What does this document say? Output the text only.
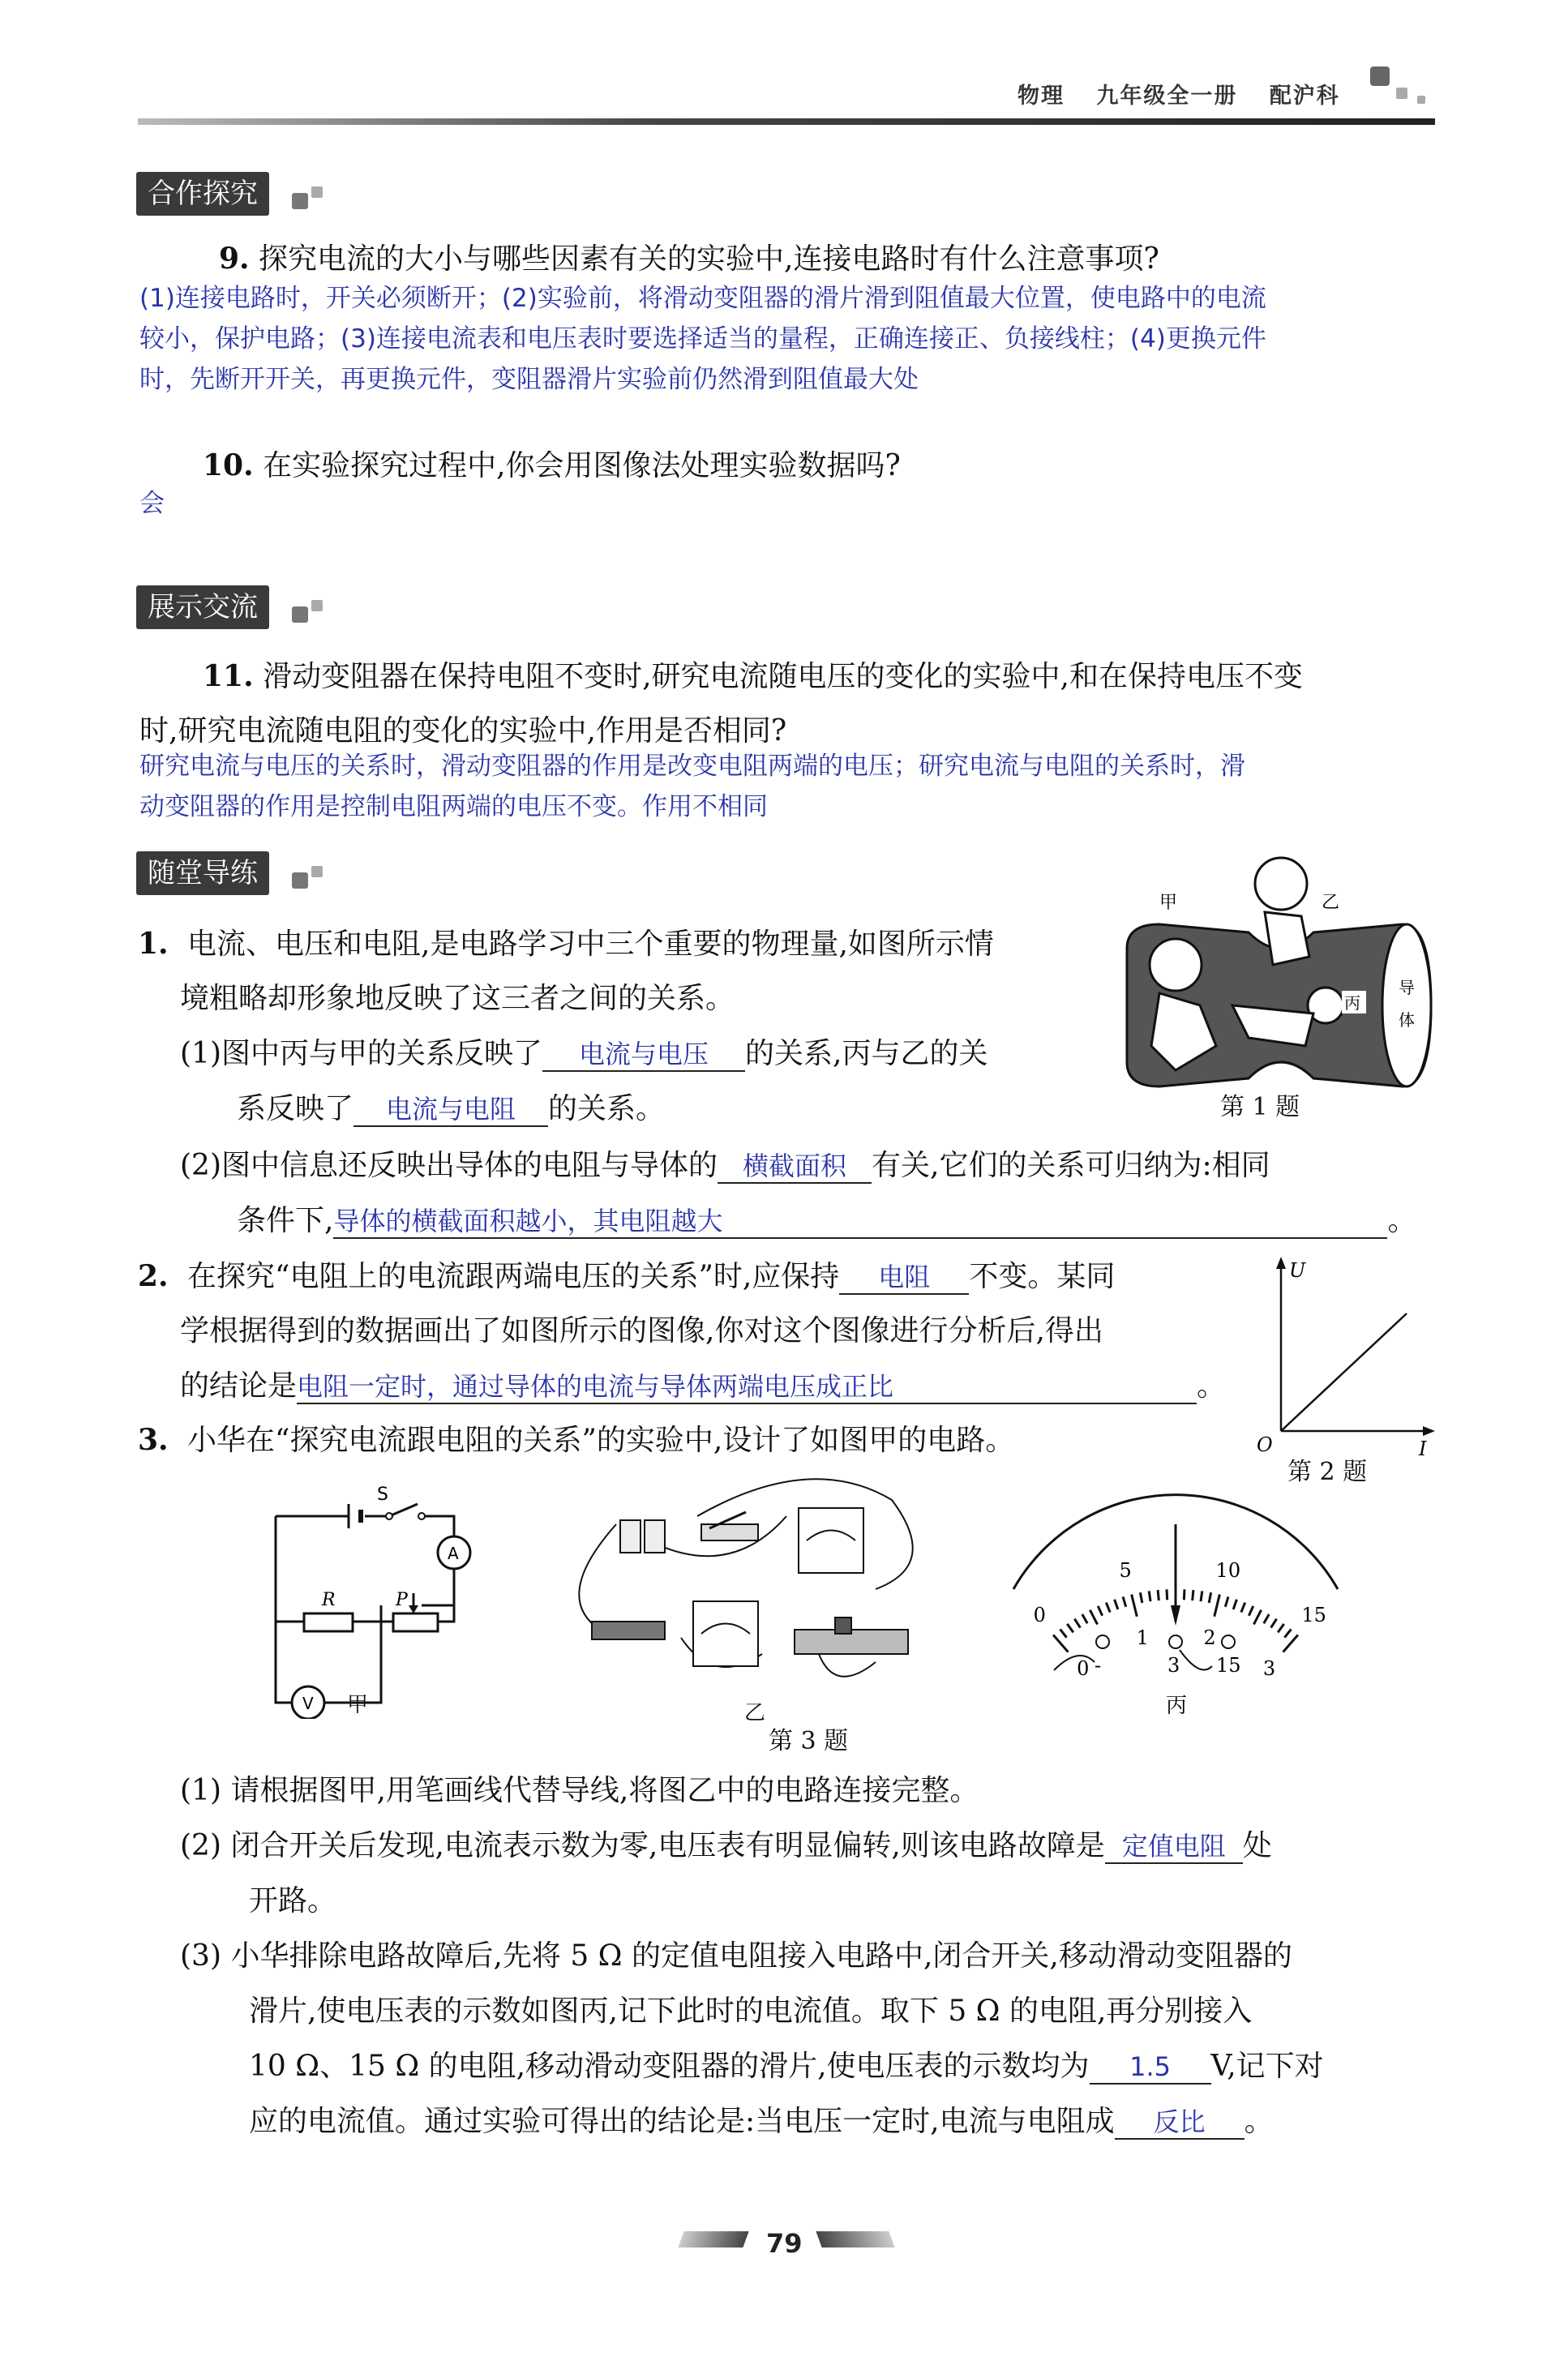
物理 九年级全一册 配沪科
合作探究
9. 探究电流的大小与哪些因素有关的实验中,连接电路时有什么注意事项?
(1)连接电路时，开关必须断开；(2)实验前，将滑动变阻器的滑片滑到阻值最大位置，使电路中的电流
较小，保护电路；(3)连接电流表和电压表时要选择适当的量程，正确连接正、负接线柱；(4)更换元件
时，先断开开关，再更换元件，变阻器滑片实验前仍然滑到阻值最大处
10. 在实验探究过程中,你会用图像法处理实验数据吗?
会
展示交流
11. 滑动变阻器在保持电阻不变时,研究电流随电压的变化的实验中,和在保持电压不变
时,研究电流随电阻的变化的实验中,作用是否相同?
研究电流与电压的关系时，滑动变阻器的作用是改变电阻两端的电压；研究电流与电阻的关系时，滑
动变阻器的作用是控制电阻两端的电压不变。作用不相同
随堂导练
1. 电流、电压和电阻,是电路学习中三个重要的物理量,如图所示情
境粗略却形象地反映了这三者之间的关系。
(1)图中丙与甲的关系反映了 电流与电压 的关系,丙与乙的关
系反映了 电流与电阻 的关系。
(2)图中信息还反映出导体的电阻与导体的 横截面积 有关,它们的关系可归纳为:相同
条件下,导体的横截面积越小，其电阻越大	。
甲	乙
丙
导
体
第 1 题
2. 在探究“电阻上的电流跟两端电压的关系”时,应保持 电阻 不变。某同
学根据得到的数据画出了如图所示的图像,你对这个图像进行分析后,得出
的结论是电阻一定时，通过导体的电流与导体两端电压成正比	。
U
O	I
第 2 题
3. 小华在“探究电流跟电阻的关系”的实验中,设计了如图甲的电路。
S
A
R	P
V 甲	乙
0
5	10
15
0
1	2
3
-	3 15
丙
第 3 题
(1) 请根据图甲,用笔画线代替导线,将图乙中的电路连接完整。
(2) 闭合开关后发现,电流表示数为零,电压表有明显偏转,则该电路故障是 定值电阻 处
开路。
(3) 小华排除电路故障后,先将 5 Ω 的定值电阻接入电路中,闭合开关,移动滑动变阻器的
滑片,使电压表的示数如图丙,记下此时的电流值。取下 5 Ω 的电阻,再分别接入
10 Ω、15 Ω 的电阻,移动滑动变阻器的滑片,使电压表的示数均为 1.5 V,记下对
应的电流值。通过实验可得出的结论是:当电压一定时,电流与电阻成 反比 。
79
